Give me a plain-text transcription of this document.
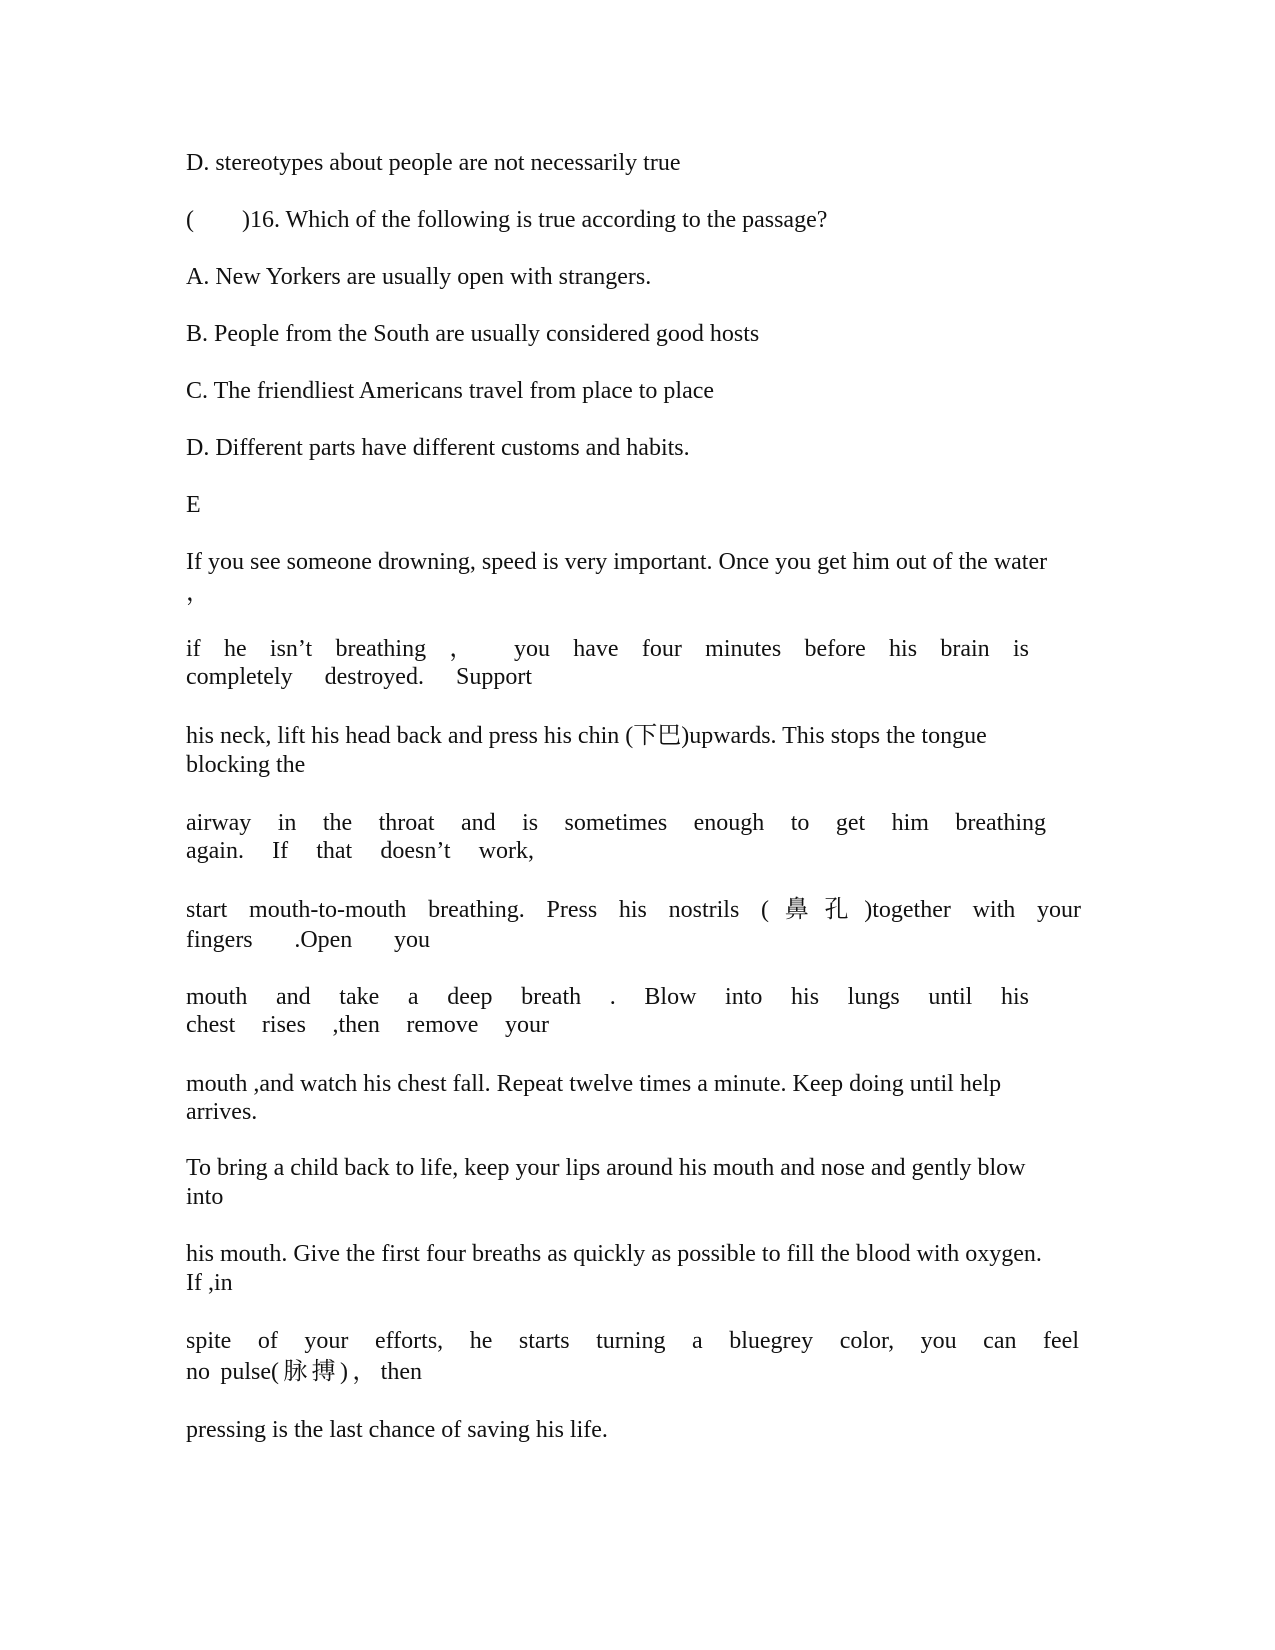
D. stereotypes about people are not necessarily true

( )16. Which of the following is true according to the passage?

A. New Yorkers are usually open with strangers.

B. People from the South are usually considered good hosts

C. The friendliest Americans travel from place to place

D. Different parts have different customs and habits.

E

If you see someone drowning, speed is very important. Once you get him out of the water

，

if he isn’t breathing ， you have four minutes before his brain is

completely destroyed. Support

his neck, lift his head back and press his chin (下巴)upwards. This stops the tongue

blocking the

airway in the throat and is sometimes enough to get him breathing

again. If that doesn’t work,

start mouth-to-mouth breathing. Press his nostrils (鼻孔)together with your

fingers .Open you

mouth and take a deep breath . Blow into his lungs until his

chest rises ,then remove your

mouth ,and watch his chest fall. Repeat twelve times a minute. Keep doing until help

arrives.

To bring a child back to life, keep your lips around his mouth and nose and gently blow

into

his mouth. Give the first four breaths as quickly as possible to fill the blood with oxygen.

If ,in

spite of your efforts, he starts turning a bluegrey color, you can feel

no pulse(脉搏)，then

pressing is the last chance of saving his life.
